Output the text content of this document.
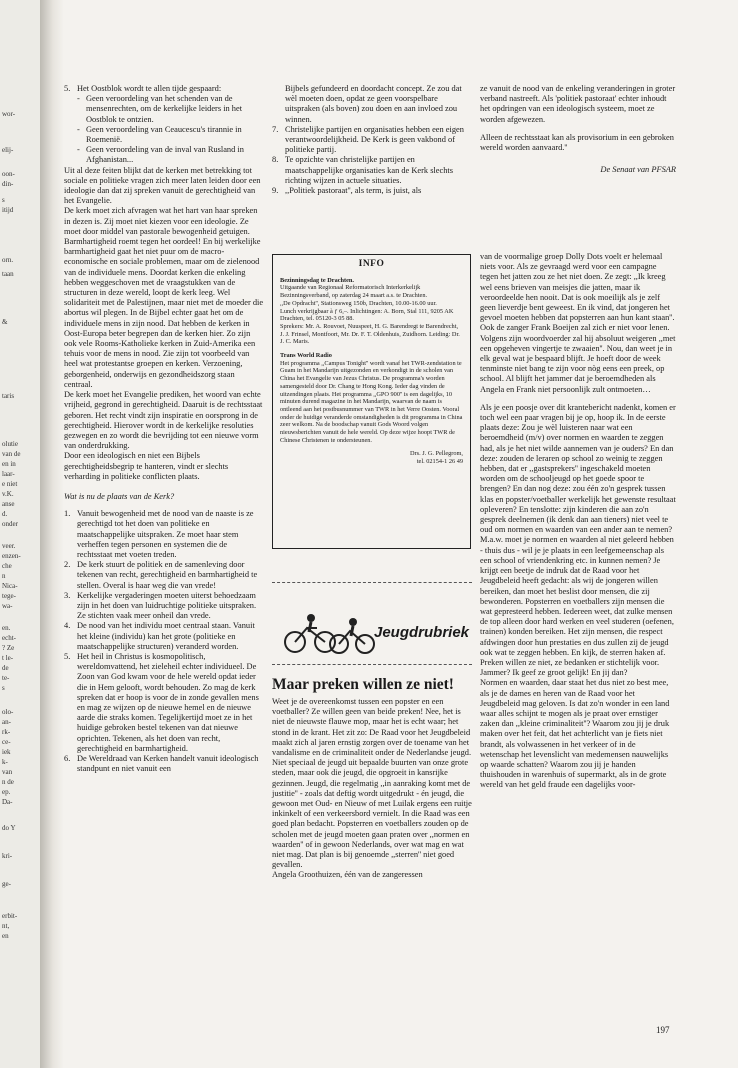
wor-
elij-
oon-
din-
s
itijd
orn.
taan
&
taris
olutie
van de
en in
laar-
e niet
v.K.
anse
d.
onder
veer.
enzen-
che
n
Nica-
tege-
wa-
en.
echt-
? Ze
t le-
de
te-
s
olo-
an-
rk-
ce-
iek
k-
van
n de
ep.
Da-
do Y
kri-
ge-
erbit-
nt,
en
5. Het Oostblok wordt te allen tijde gespaard:
- Geen veroordeling van het schenden van de mensenrechten, om de kerkelijke leiders in het Oostblok te ontzien.
- Geen veroordeling van Ceaucescu's tirannie in Roemenië.
- Geen veroordeling van de inval van Rusland in Afghanistan...

Uit al deze feiten blijkt dat de kerken met betrekking tot sociale en politieke vragen zich meer laten leiden door een ideologie dan dat zij spreken vanuit de gerechtigheid van het Evangelie.

De kerk moet zich afvragen wat het hart van haar spreken in dezen is. Zij moet niet kiezen voor een ideologie. Ze moet door middel van pastorale bewogenheid getuigen. Barmhartigheid roemt tegen het oordeel! En bij werkelijke barmhartigheid gaat het niet puur om de macro-economische en sociale problemen, maar om de zielenood van de individuele mens. Doordat kerken die enkeling hebben weggeschoven met de vraagstukken van de structuren in deze wereld, loopt de kerk leeg. Wel solidariteit met de Palestijnen, maar niet met de moeder die abortus wil plegen. In de Bijbel echter gaat het om de individuele mens in zijn nood. Dat hebben de kerken in Oost-Europa beter begrepen dan de kerken hier. Zo zijn ook vele Rooms-Katholieke kerken in Zuid-Amerika een tehuis voor de mens in nood. Zie zijn tot voorbeeld van heel wat protestantse groepen en kerken. Verzoening, geborgenheid, onderwijs en gezondheidszorg staan centraal.

De kerk moet het Evangelie prediken, het woord van echte vrijheid, gegrond in gerechtigheid. Daaruit is de rechtsstaat geboren. Het recht vindt zijn inspiratie en oorsprong in de gerechtigheid. Hierover wordt in de kerkelijke resoluties gezwegen en zo wordt die bevrijding tot een nieuwe vorm van onderdrukking.

Door een ideologisch en niet een Bijbels gerechtigheidsbegrip te hanteren, vindt er slechts verharding in politieke conflicten plaats.

Wat is nu de plaats van de Kerk?

1. Vanuit bewogenheid met de nood van de naaste is ze gerechtigd tot het doen van politieke en maatschappelijke uitspraken. Ze moet haar stem verheffen tegen personen en systemen die de rechtsstaat met voeten treden.
2. De kerk stuurt de politiek en de samenleving door tekenen van recht, gerechtigheid en barmhartigheid te stellen. Overal is haar weg die van vrede!
3. Kerkelijke vergaderingen moeten uiterst behoedzaam zijn in het doen van luidruchtige politieke uitspraken. Ze stichten vaak meer onheil dan vrede.
4. De nood van het individu moet centraal staan. Vanuit het kleine (individu) kan het grote (politieke en maatschappelijke structuren) veranderd worden.
5. Het heil in Christus is kosmopolitisch, wereldomvattend, het zieleheil echter individueel. De Zoon van God kwam voor de hele wereld opdat ieder die in Hem gelooft, wordt behouden. Zo mag de kerk spreken dat er hoop is voor de in zonde gevallen mens en mag ze wijzen op de nieuwe hemel en de nieuwe aarde die straks komen. Tegelijkertijd moet ze in het huidige gebroken bestel tekenen van dat nieuwe oprichten. Tekenen, als het doen van recht, gerechtigheid en barmhartigheid.
6. De Wereldraad van Kerken handelt vanuit ideologisch standpunt en niet vanuit een

Bijbels gefundeerd en doordacht concept. Ze zou dat wèl moeten doen, opdat ze geen voorspelbare uitspraken (als boven) zou doen en aan invloed zou winnen.

7. Christelijke partijen en organisaties hebben een eigen verantwoordelijkheid. De Kerk is geen vakbond of politieke partij.
8. Te opzichte van christelijke partijen en maatschappelijke organisaties kan de Kerk slechts richting wijzen in actuele situaties.
9. ,,Politiek pastoraat'', als term, is juist, als

ze vanuit de nood van de enkeling veranderingen in groter verband nastreeft. Als 'politiek pastoraat' echter inhoudt het opdringen van een ideologisch systeem, moet ze worden afgewezen.

Alleen de rechtsstaat kan als provisorium in een gebroken wereld worden aanvaard.''

De Senaat van PFSAR

INFO
Bezinningsdag te Drachten.
Uitgaande van Regionaal Reformatorisch Interkerkelijk Bezinningsverband, op zaterdag 24 maart a.s. te Drachten.
,,De Opdracht'', Stationsweg 150b, Drachten, 10.00-16.00 uur.
Lunch verkrijgbaar à ƒ 6,–. Inlichtingen: A. Born, Stal 111, 9205 AK Drachten, tel. 05120-3 05 88.
Sprekers: Mr. A. Rouvoet, Nuuspeet, H. G. Barendregt te Barendrecht, J. J. Frinsel, Montfoort, Mr. Dr. F. T. Oldenhuis, Zuidhorn. Leiding: Dr. J. C. Maris.
Trans World Radio
Het programma ,,Campus Tonight'' wordt vanaf het TWR-zendstation te Guam in het Mandarijn uitgezonden en verkondigt in de scholen van China het Evangelie van Jezus Christus. De programma's worden samengesteld door Dr. Chang te Hong Kong. Ieder dag vinden de uitzendingen plaats. Het programma ,,GPO 900'' is een dagelijks, 10 minuten durend magazine in het Mandarijn, waarvan de naam is ontleend aan het postbusnummer van TWR in het Verre Oosten. Vooral onder de huidige veranderde omstandigheden is dit programma in China zeer welkom. Na de boodschap vanuit Gods Woord volgen nieuwsberichten vanuit de hele wereld. Op deze wijze hoopt TWR de Chinese Christenen te ondersteunen.
Drs. J. G. Pellegrom,
tel. 02154-1 26 49
Jeugdrubriek
Maar preken willen ze niet!

Weet je de overeenkomst tussen een popster en een voetballer? Ze willen geen van beide preken! Nee, het is niet de nieuwste flauwe mop, maar het is echt waar; het stond in de krant. Het zit zo: De Raad voor het Jeugdbeleid maakt zich al jaren ernstig zorgen over de toename van het vandalisme en de criminaliteit onder de Nederlandse jeugd. Niet speciaal de jeugd uit bepaalde buurten van onze grote steden, maar ook die jeugd, die opgroeit in kansrijke gezinnen. Jeugd, die regelmatig ,,in aanraking komt met de justitie'' - zoals dat deftig wordt uitgedrukt - én jeugd, die gewoon met Oud- en Nieuw of met Luilak ergens een ruitje inkinkelt of een verkeersbord vernielt. In die Raad was een goed plan bedacht. Popsterren en voetballers zouden op de scholen met de jeugd moeten gaan praten over ,,normen en waarden'' of in gewoon Nederlands, over wat mag en wat niet mag. Dat plan is bij genoemde ,,sterren'' niet goed gevallen.

Angela Groothuizen, één van de zangeressen

van de voormalige groep Dolly Dots voelt er helemaal niets voor. Als ze gevraagd werd voor een campagne tegen het jatten zou ze het niet doen. Ze zegt: ,,Ik kreeg wel eens brieven van meisjes die jatten, maar ik veroordeelde hen nooit. Dat is ook moeilijk als je zelf geen lieverdje bent geweest. En ik vind, dat jongeren het gevoel moeten hebben dat popsterren aan hun kant staan''. Ook de zanger Frank Boeijen zal zich er niet voor lenen. Volgens zijn woordvoerder zal hij absoluut weigeren ,,met een opgeheven vingertje te zwaaien''. Nou, dan weet je in elk geval wat je bespaard blijft. Je hoeft door de week tenminste niet bang te zijn voor nòg eens een preek, op school. Al blijft het jammer dat je beroemdheden als Angela en Frank niet persoonlijk zult ontmoeten…

Als je een poosje over dit krantebericht nadenkt, komen er toch wel een paar vragen bij je op, hoop ik. In de eerste plaats deze: Zou je wèl luisteren naar wat een beroemdheid (m/v) over normen en waarden te zeggen had, als je het niet wilde aannemen van je ouders? En dan deze: zouden de leraren op school zo weinig te zeggen hebben, dat er ,,gastsprekers'' ingeschakeld moeten worden om de schooljeugd op het goede spoor te brengen? En dan nog deze: zou één zo'n gesprek tussen klas en popster/voetballer werkelijk het gewenste resultaat opleveren? En tenslotte: zijn kinderen die aan zo'n gesprek deelnemen (ik denk dan aan tieners) niet veel te oud om normen en waarden van een ander aan te nemen? M.a.w. moet je normen en waarden al niet geleerd hebben - thuis dus - wil je je plaats in een leefgemeenschap als een school of vriendenkring etc. in kunnen nemen? Je krijgt een beetje de indruk dat de Raad voor het Jeugdbeleid heeft gedacht: als wij de jongeren willen bereiken, dan moet het beslist door mensen, die zij bewonderen. Popsterren en voetballers zijn mensen die wat gepresteerd hebben. Iedereen weet, dat zulke mensen de top alleen door hard werken en veel studeren (oefenen, trainen) konden bereiken. Het zijn mensen, die respect afdwingen door hun prestaties en dus zullen zij de jeugd ook wat te zeggen hebben. En kijk, de sterren haken af. Preken willen ze niet, ze bedanken er stichtelijk voor. Jammer? Ik geef ze groot gelijk! En jij dan?

Normen en waarden, daar staat het dus niet zo best mee, als je de dames en heren van de Raad voor het Jeugdbeleid mag geloven. Is dat zo'n wonder in een land waar alles schijnt te mogen als je praat over ernstiger zaken dan ,,kleine criminaliteit''? Waarom zou jij je druk maken over het feit, dat het achterlicht van je fiets niet brandt, als volwassenen in het verkeer of in de wetenschap het levenslicht van medemensen nauwelijks op waarde schatten? Waarom zou jij je handen thuishouden in warenhuis of supermarkt, als in de grote wereld van het geld fraude een dagelijks voor-

197
